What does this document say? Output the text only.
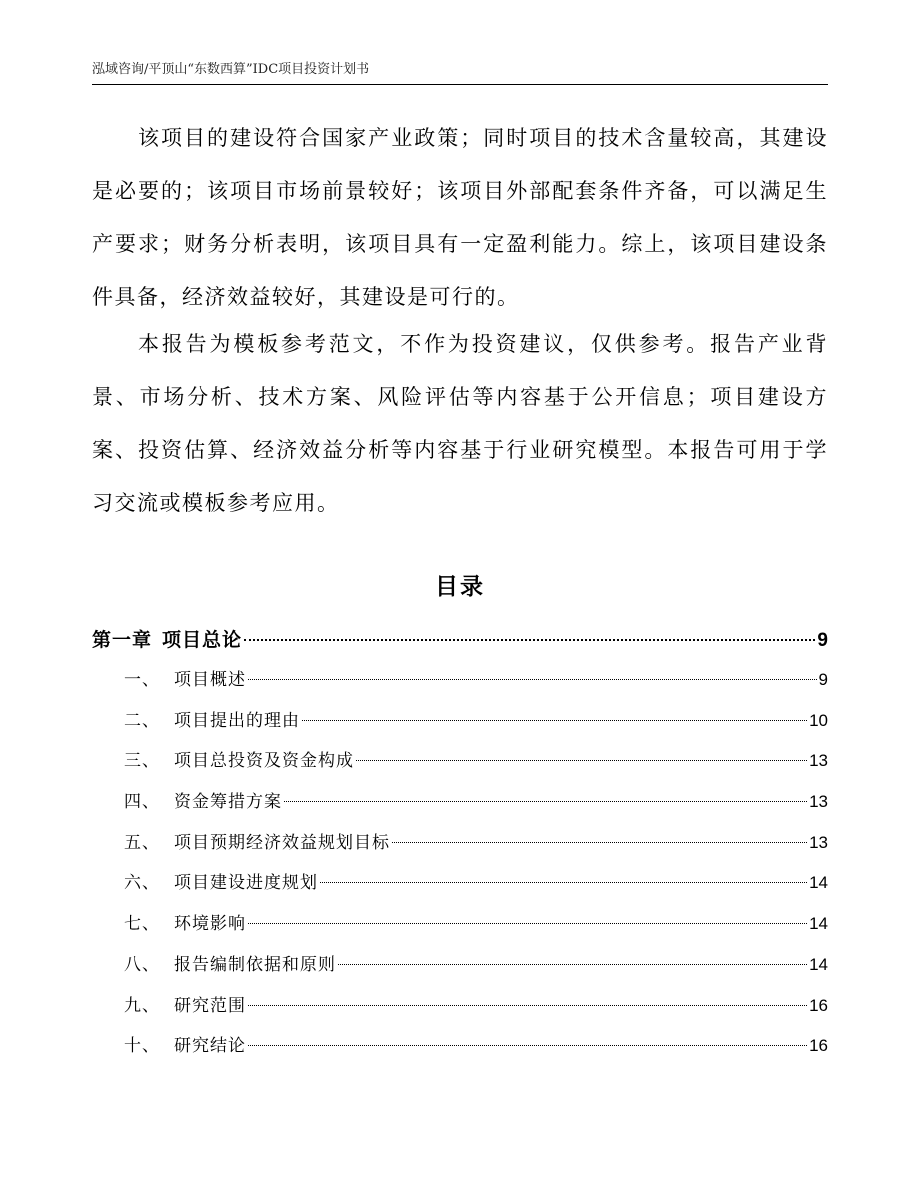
泓域咨询/平顶山“东数西算”IDC项目投资计划书

该项目的建设符合国家产业政策；同时项目的技术含量较高，其建设是必要的；该项目市场前景较好；该项目外部配套条件齐备，可以满足生产要求；财务分析表明，该项目具有一定盈利能力。综上，该项目建设条件具备，经济效益较好，其建设是可行的。

本报告为模板参考范文，不作为投资建议，仅供参考。报告产业背景、市场分析、技术方案、风险评估等内容基于公开信息；项目建设方案、投资估算、经济效益分析等内容基于行业研究模型。本报告可用于学习交流或模板参考应用。

目录
第一章 项目总论	9
一、 项目概述	9
二、 项目提出的理由	10
三、 项目总投资及资金构成	13
四、 资金筹措方案	13
五、 项目预期经济效益规划目标	13
六、 项目建设进度规划	14
七、 环境影响	14
八、 报告编制依据和原则	14
九、 研究范围	16
十、 研究结论	16
